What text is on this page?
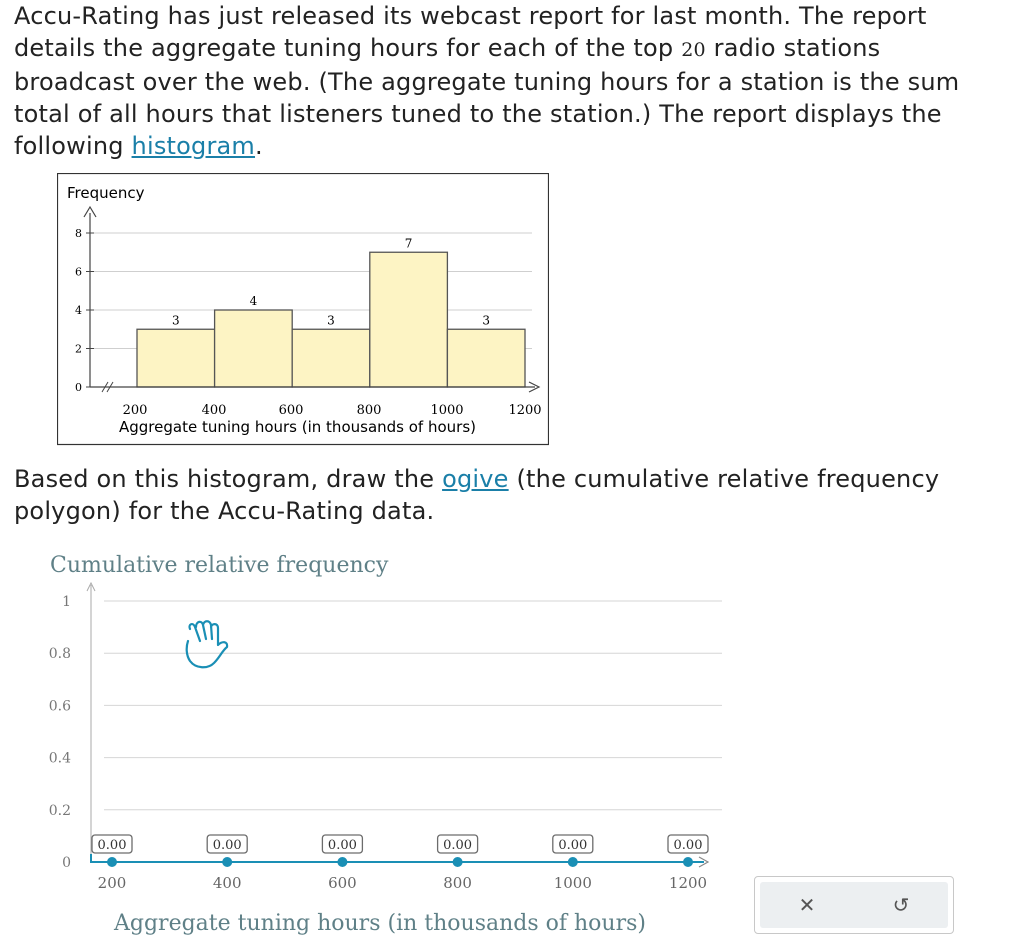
Accu-Rating has just released its webcast report for last month. The report details the aggregate tuning hours for each of the top 20 radio stations broadcast over the web. (The aggregate tuning hours for a station is the sum total of all hours that listeners tuned to the station.) The report displays the following histogram.
3
4
3
7
3
0
2
4
6
8
200	400	600	800	1000	1200
Frequency
Aggregate tuning hours (in thousands of hours)
Based on this histogram, draw the ogive (the cumulative relative frequency polygon) for the Accu-Rating data.
Cumulative relative frequency
0
0.2
0.4
0.6
0.8
1
0.00
200
0.00
400
0.00
600
0.00
800
0.00
1000
0.00
1200
Aggregate tuning hours (in thousands of hours)
✕	↺
